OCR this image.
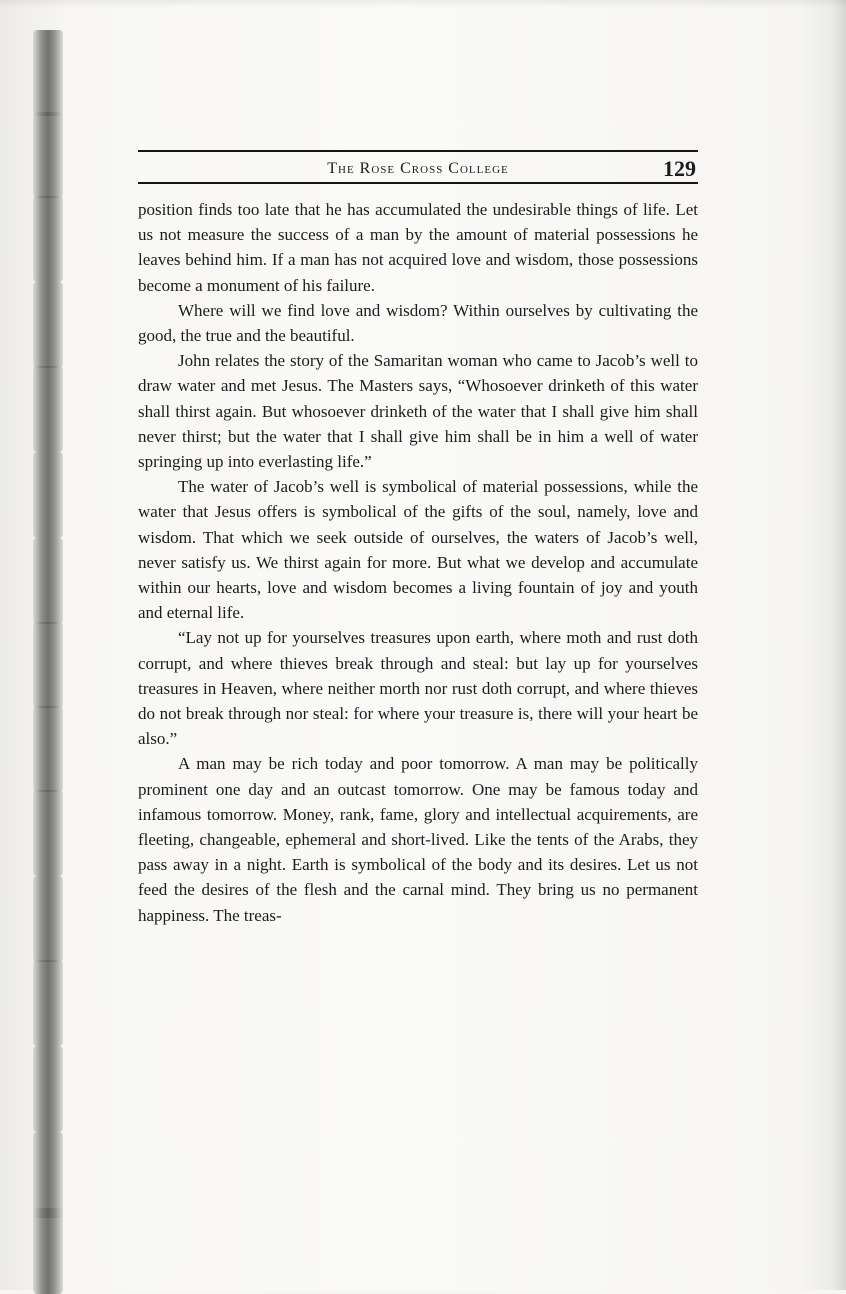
The Rose Cross College	129

position finds too late that he has accumulated the undesirable things of life. Let us not measure the success of a man by the amount of material possessions he leaves behind him. If a man has not acquired love and wisdom, those possessions become a monument of his failure.

Where will we find love and wisdom? Within ourselves by cultivating the good, the true and the beautiful.

John relates the story of the Samaritan woman who came to Jacob’s well to draw water and met Jesus. The Masters says, “Whosoever drinketh of this water shall thirst again. But whosoever drinketh of the water that I shall give him shall never thirst; but the water that I shall give him shall be in him a well of water springing up into everlasting life.”

The water of Jacob’s well is symbolical of material possessions, while the water that Jesus offers is symbolical of the gifts of the soul, namely, love and wisdom. That which we seek outside of ourselves, the waters of Jacob’s well, never satisfy us. We thirst again for more. But what we develop and accumulate within our hearts, love and wisdom becomes a living fountain of joy and youth and eternal life.

“Lay not up for yourselves treasures upon earth, where moth and rust doth corrupt, and where thieves break through and steal: but lay up for yourselves treasures in Heaven, where neither morth nor rust doth corrupt, and where thieves do not break through nor steal: for where your treasure is, there will your heart be also.”

A man may be rich today and poor tomorrow. A man may be politically prominent one day and an outcast tomorrow. One may be famous today and infamous tomorrow. Money, rank, fame, glory and intellectual acquirements, are fleeting, changeable, ephemeral and short-lived. Like the tents of the Arabs, they pass away in a night. Earth is symbolical of the body and its desires. Let us not feed the desires of the flesh and the carnal mind. They bring us no permanent happiness. The treas-
